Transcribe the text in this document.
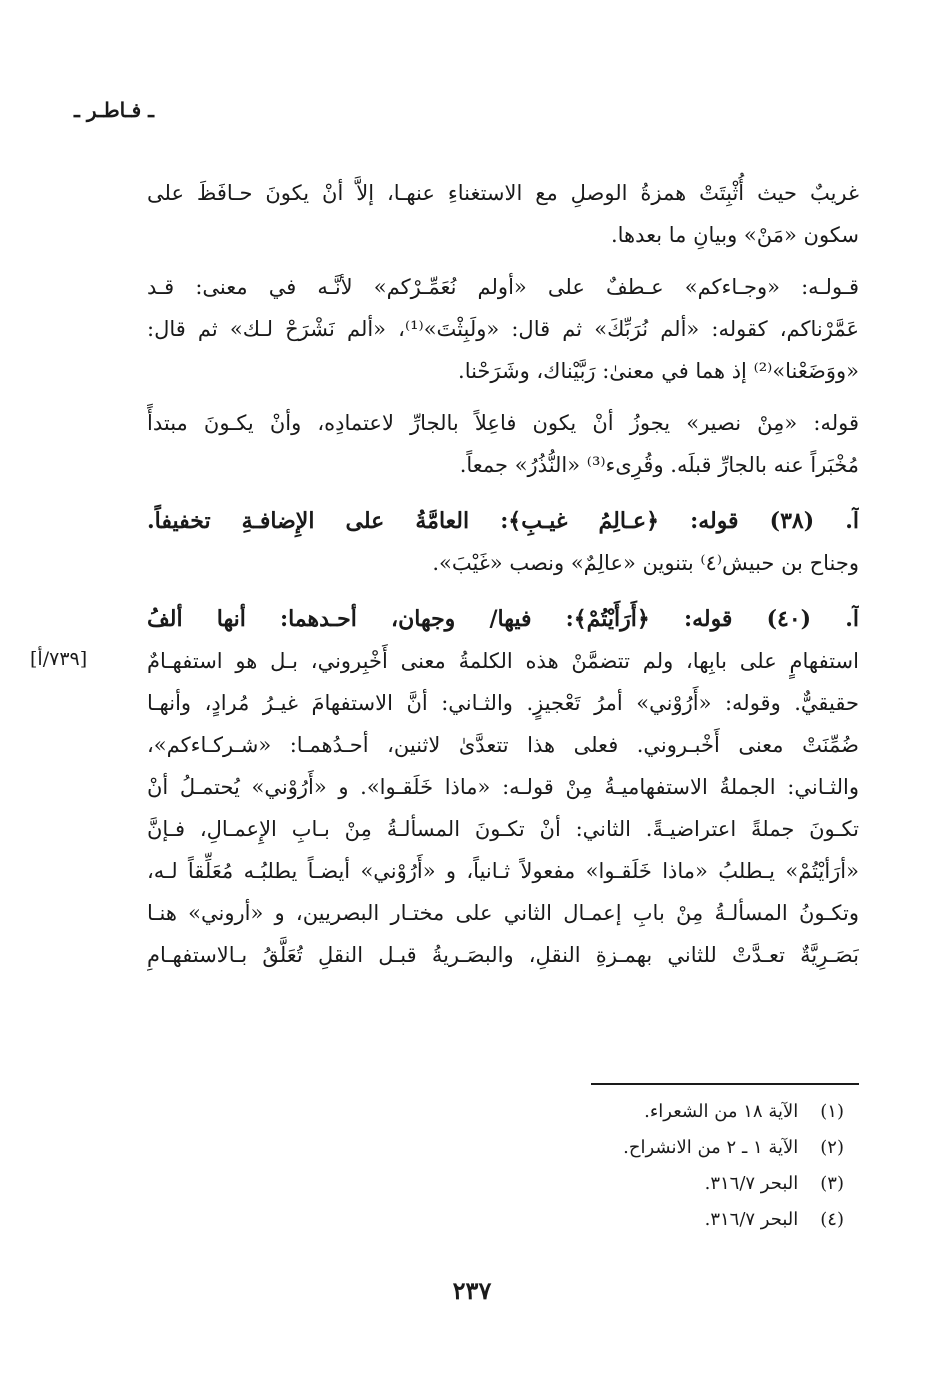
ـ فـاطـر ـ
[٧٣٩/أ]
غريبٌ حيث أُثْبِتَتْ همزةُ الوصلِ مع الاستغناءِ عنهـا، إلاَّ أنْ يكونَ حـافَظَ على
سكون «مَنْ» وبيانِ ما بعدها.
قـولـه: «وجـاءكم» عـطفٌ على «أولم نُعَمِّـرْكم» لأنَّـه في معنى: قـد
عَمَّرْناكم، كقوله: «ألم نُرَبِّكَ» ثم قال: «ولَبِثْتَ»⁽¹⁾، «ألم نَشْرَحْ لـك» ثم قال:
«ووَضَعْنا»⁽²⁾ إذ هما في معنىٰ: رَبَّيْناك، وشَرَحْنا.
قوله: «مِنْ نصير» يجوزُ أنْ يكون فاعِلاً بالجارِّ لاعتمادِه، وأنْ يكـونَ مبتدأً
مُخْبَراً عنه بالجارِّ قبلَه. وقُرِىء⁽³⁾ «النُّذُرُ» جمعاً.
آ. (٣٨) قوله: ﴿عـالِمُ غيـبِ﴾: العامَّةُ على الإِضافـةِ تخفيفاً.
وجناح بن حبيش⁽٤⁾ بتنوين «عالِمٌ» ونصب «غَيْبَ».
آ. (٤٠) قوله: ﴿أَرَأَيْتُمْ﴾: فيها/ وجهان، أحـدهما: أنها ألفُ
استفهامٍ على بابِها، ولم تتضمَّنْ هذه الكلمةُ معنى أَخْبِروني، بـل هو استفهـامٌ
حقيقيٌّ. وقوله: «أَرُوْني» أمرُ تَعْجيزٍ. والثـاني: أنَّ الاستفهامَ غيـرُ مُرادٍ، وأنهـا
ضُمِّنَتْ معنى أَخْبـروني. فعلى هذا تتعدَّىٰ لاثنين، أحـدُهمـا: «شـركـاءكم»،
والثـاني: الجملةُ الاستفهاميـةُ مِنْ قولـه: «ماذا خَلَقـوا». و «أَرُوْني» يُحتمـلُ أنْ
تكـونَ جملةً اعتراضيـةً. الثاني: أنْ تكـونَ المسألـةُ مِنْ بـابِ الإِعمـالِ، فـإنَّ
«أرَأيْتُمْ» يـطلبُ «ماذا خَلَقـوا» مفعولاً ثـانياً، و «أَرُوْني» أيضـاً يطلبُـه مُعَلِّقاً لـه،
وتكـونُ المسألـةُ مِنْ بابِ إعمـال الثاني على مختـار البصريين، و «أروني» هنـا
بَصَـرِيَّةٌ تعـدَّتْ للثاني بهمـزةِ النقلِ، والبصَـريةُ قبـل النقلِ تُعَلَّقُ بـالاستفهـامِ
(١) الآية ١٨ من الشعراء.
(٢) الآية ١ ـ ٢ من الانشراح.
(٣) البحر ٣١٦/٧.
(٤) البحر ٣١٦/٧.
٢٣٧
